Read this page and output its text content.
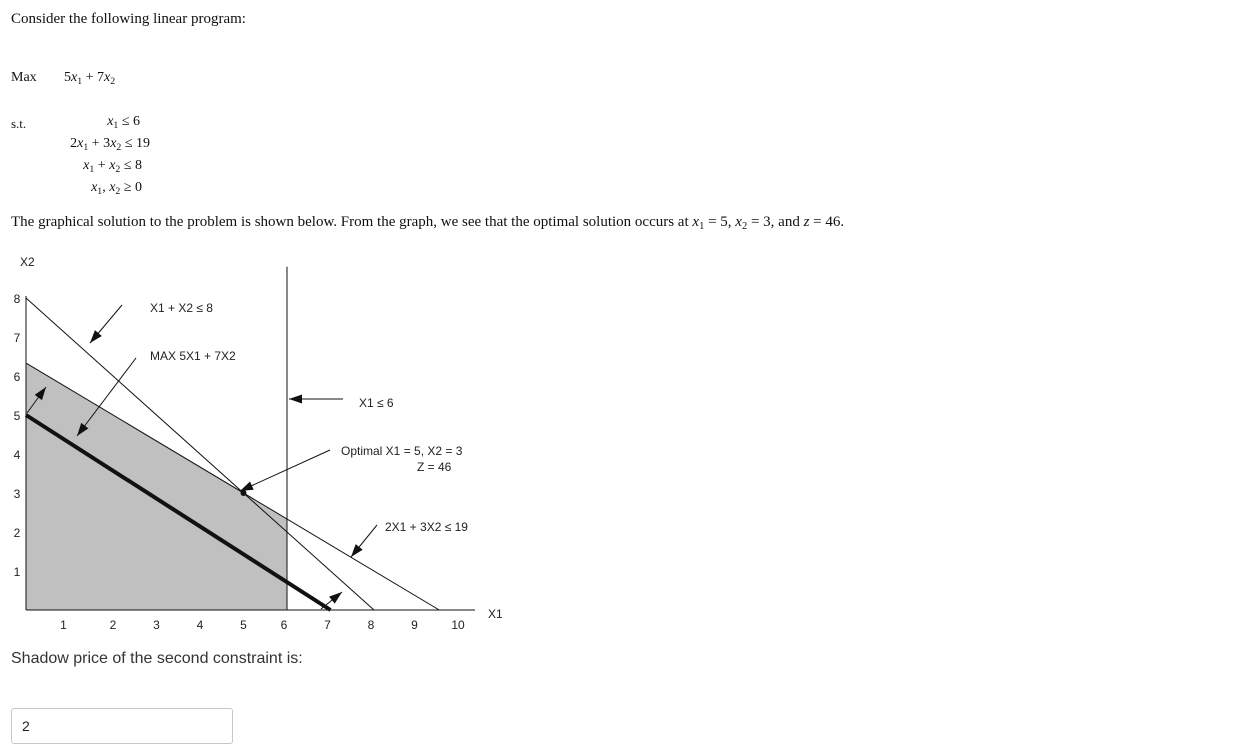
Consider the following linear program:
Max $5x_1 + 7x_2$
s.t.	$x_1 \le 6$
$2x_1 + 3x_2 \le 19$
$x_1 + x_2 \le 8$
$x_1$, $x_2 \ge 0$
The graphical solution to the problem is shown below. From the graph, we see that the optimal solution occurs at $x_1 = 5$, $x_2 = 3$, and z = 46.
1	2	3	4	5	6	7	8	9	10
1
2
3
4
5
6
7
8
X2
X1
X1 + X2 ≤ 8
MAX 5X1 + 7X2
X1 ≤ 6
Optimal X1 = 5, X2 = 3
Z = 46
2X1 + 3X2 ≤ 19
Shadow price of the second constraint is:
2
